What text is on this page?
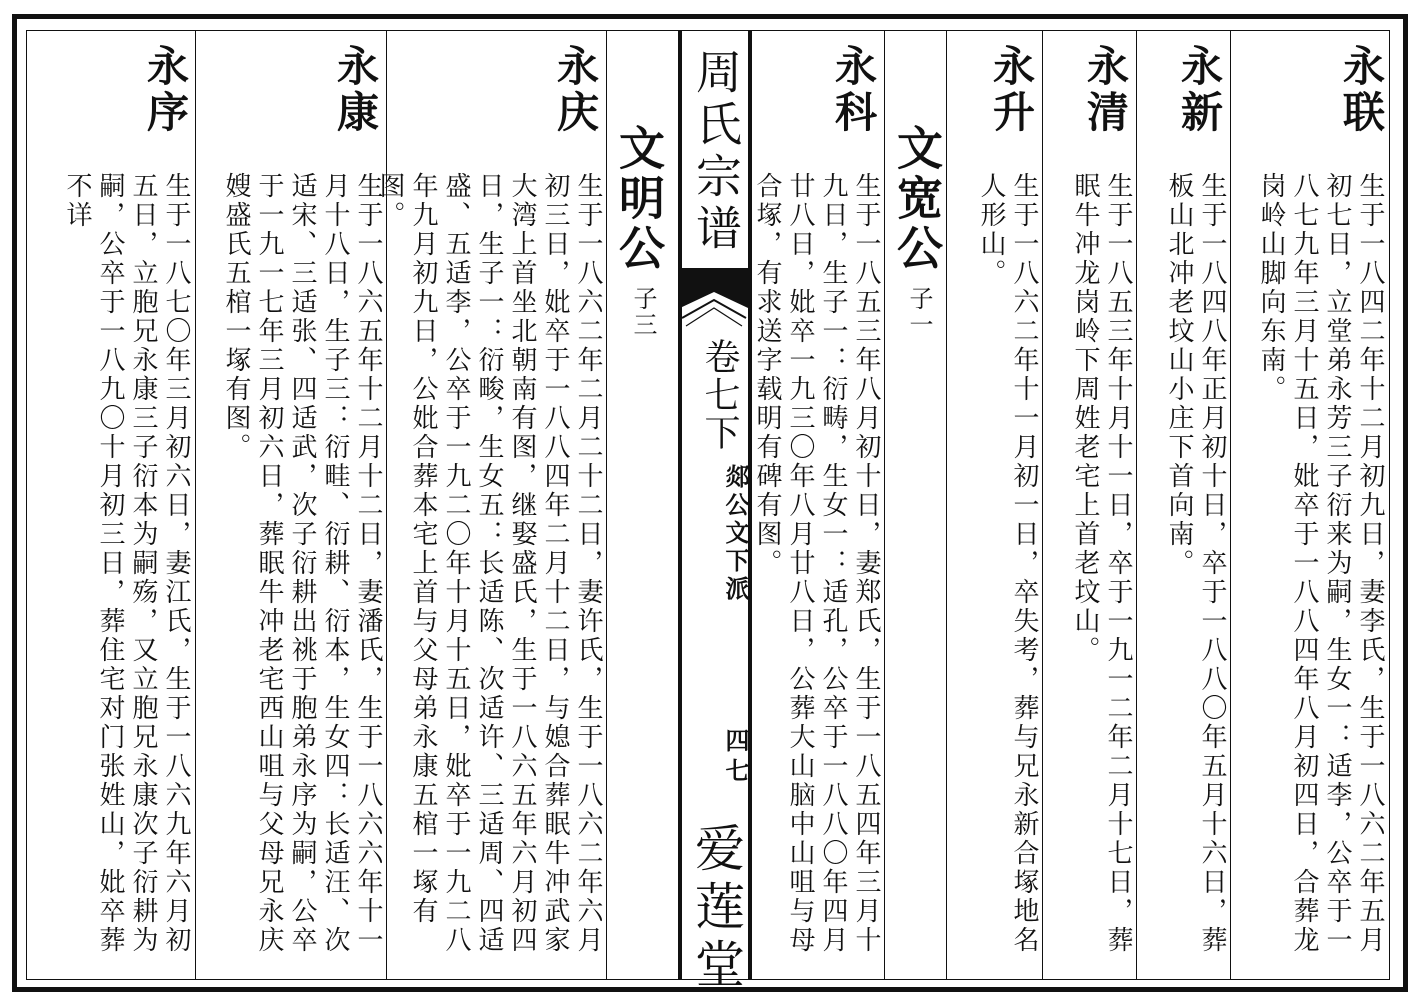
周氏宗谱
卷七下
郯公文下派
四七
爱莲堂
永联
生于一八四二年十二月初九日，妻李氏，生于一八六二年五月初七日，立堂弟永芳三子衍来为嗣，生女一：适李，公卒于一八七九年三月十五日，妣卒于一八八四年八月初四日，合葬龙岗岭山脚向东南。
永新
生于一八四八年正月初十日，卒于一八八〇年五月十六日，葬板山北冲老坟山小庄下首向南。
永清
生于一八五三年十月十一日，卒于一九一二年二月十七日，葬眠牛冲龙岗岭下周姓老宅上首老坟山。
永升
生于一八六二年十一月初一日，卒失考，葬与兄永新合塚地名人形山。
文宽公
子一
永科
生于一八五三年八月初十日，妻郑氏，生于一八五四年三月十九日，生子一：衍畴，生女一：适孔，公卒于一八八〇年四月廿八日，妣卒一九三〇年八月廿八日，公葬大山脑中山咀与母合塚，有求送字载明有碑有图。
文明公
子三
永庆
生于一八六二年二月二十二日，妻许氏，生于一八六二年六月初三日，妣卒于一八八四年二月十二日，与媳合葬眠牛冲武家大湾上首坐北朝南有图，继娶盛氏，生于一八六五年六月初四日，生子一：衍畯，生女五：长适陈、次适许、三适周、四适盛、五适李，公卒于一九二〇年十月十五日，妣卒于一九二八年九月初九日，公妣合葬本宅上首与父母弟永康五棺一塚有图。
永康
生于一八六五年十二月十二日，妻潘氏，生于一八六六年十一月十八日，生子三：衍畦、衍耕、衍本，生女四：长适汪、次适宋、三适张、四适武，次子衍耕出祧于胞弟永序为嗣，公卒于一九一七年三月初六日，葬眠牛冲老宅西山咀与父母兄永庆嫂盛氏五棺一塚有图。
永序
生于一八七〇年三月初六日，妻江氏，生于一八六九年六月初五日，立胞兄永康三子衍本为嗣殇，又立胞兄永康次子衍耕为嗣，公卒于一八九〇十月初三日，葬住宅对门张姓山，妣卒葬不详
